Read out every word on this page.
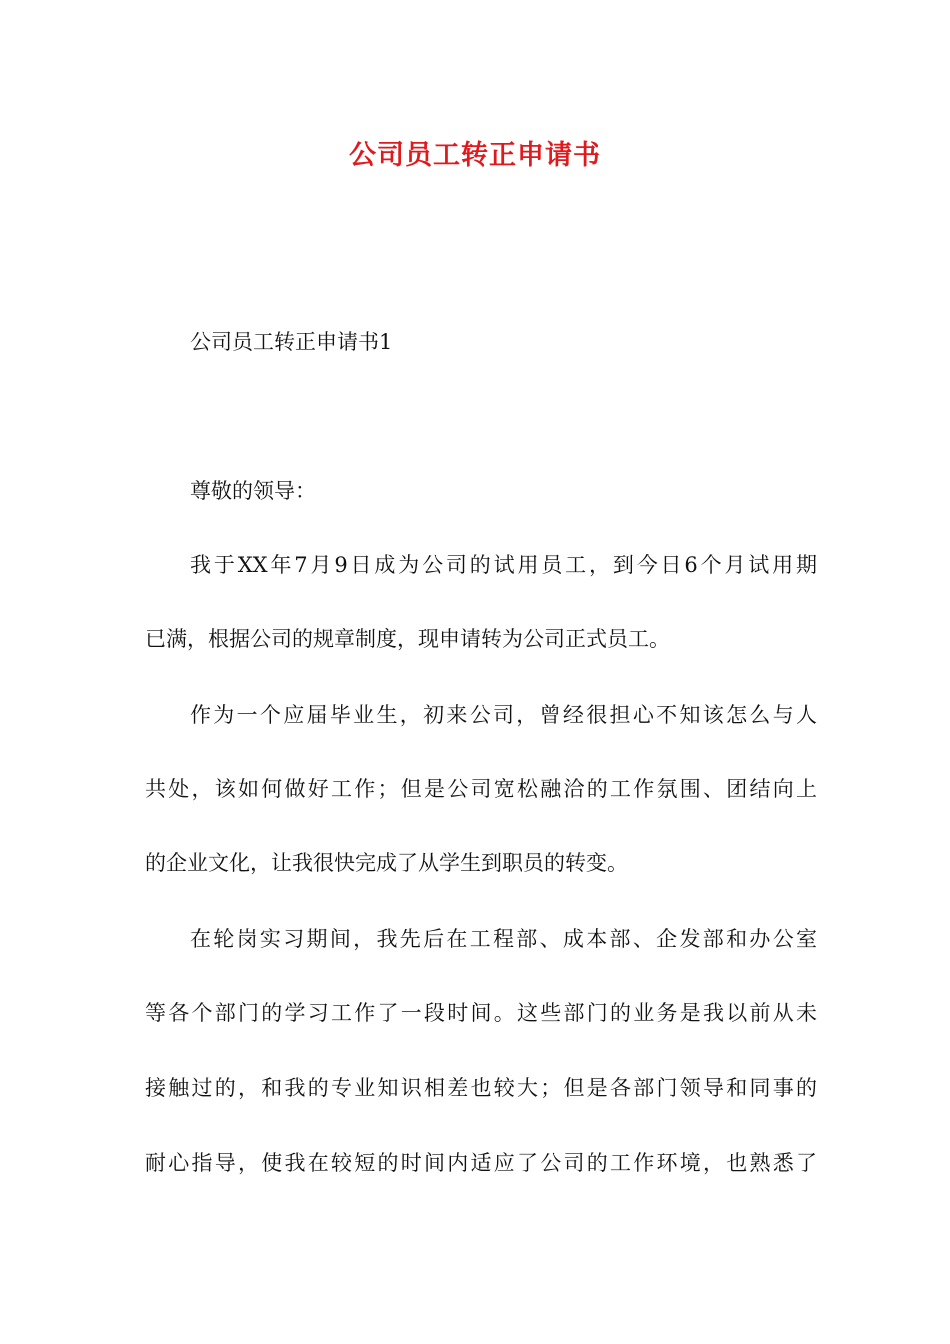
公司员工转正申请书
公司员工转正申请书1
尊敬的领导：
我于XX年7月9日成为公司的试用员工，到今日6个月试用期
已满，根据公司的规章制度，现申请转为公司正式员工。
作为一个应届毕业生，初来公司，曾经很担心不知该怎么与人
共处，该如何做好工作；但是公司宽松融洽的工作氛围、团结向上
的企业文化，让我很快完成了从学生到职员的转变。
在轮岗实习期间，我先后在工程部、成本部、企发部和办公室
等各个部门的学习工作了一段时间。这些部门的业务是我以前从未
接触过的，和我的专业知识相差也较大；但是各部门领导和同事的
耐心指导，使我在较短的时间内适应了公司的工作环境，也熟悉了
